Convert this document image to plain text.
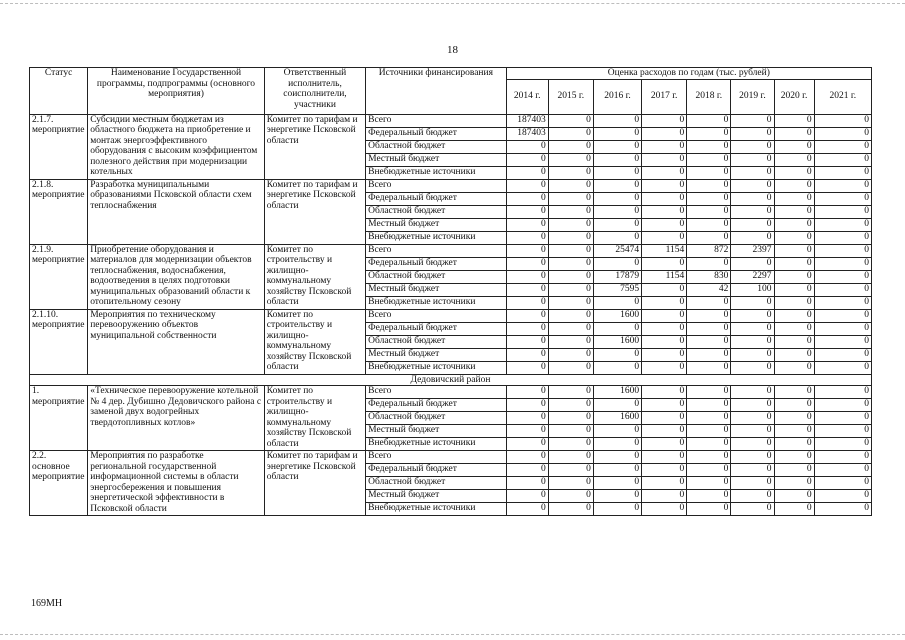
18
Статус	Наименование Государственной программы, подпрограммы (основного мероприятия)	Ответственный исполнитель, соисполнители, участники	Источники финансирования	Оценка расходов по годам (тыс. рублей)							
				2014 г.	2015 г.	2016 г.	2017 г.	2018 г.	2019 г.	2020 г.	2021 г.
2.1.7. мероприятие	Субсидии местным бюджетам из областного бюджета на приобретение и монтаж энергоэффективного оборудования с высоким коэффициентом полезного действия при модернизации котельных	Комитет по тарифам и энергетике Псковской области	Всего	187403	0	0	0	0	0	0	0
			Федеральный бюджет	187403	0	0	0	0	0	0	0
			Областной бюджет	0	0	0	0	0	0	0	0
			Местный бюджет	0	0	0	0	0	0	0	0
			Внебюджетные источники	0	0	0	0	0	0	0	0
2.1.8. мероприятие	Разработка муниципальными образованиями Псковской области схем теплоснабжения	Комитет по тарифам и энергетике Псковской области	Всего	0	0	0	0	0	0	0	0
			Федеральный бюджет	0	0	0	0	0	0	0	0
			Областной бюджет	0	0	0	0	0	0	0	0
			Местный бюджет	0	0	0	0	0	0	0	0
			Внебюджетные источники	0	0	0	0	0	0	0	0
2.1.9. мероприятие	Приобретение оборудования и материалов для модернизации объектов теплоснабжения, водоснабжения, водоотведения в целях подготовки муниципальных образований области к отопительному сезону	Комитет по строительству и жилищно-коммунальному хозяйству Псковской области	Всего	0	0	25474	1154	872	2397	0	0
			Федеральный бюджет	0	0	0	0	0	0	0	0
			Областной бюджет	0	0	17879	1154	830	2297	0	0
			Местный бюджет	0	0	7595	0	42	100	0	0
			Внебюджетные источники	0	0	0	0	0	0	0	0
2.1.10. мероприятие	Мероприятия по техническому перевооружению объектов муниципальной собственности	Комитет по строительству и жилищно-коммунальному хозяйству Псковской области	Всего	0	0	1600	0	0	0	0	0
			Федеральный бюджет	0	0	0	0	0	0	0	0
			Областной бюджет	0	0	1600	0	0	0	0	0
			Местный бюджет	0	0	0	0	0	0	0	0
			Внебюджетные источники	0	0	0	0	0	0	0	0
Дедовичский район											
1. мероприятие	«Техническое перевооружение котельной № 4 дер. Дубишно Дедовичского района с заменой двух водогрейных твердотопливных котлов»	Комитет по строительству и жилищно-коммунальному хозяйству Псковской области	Всего	0	0	1600	0	0	0	0	0
			Федеральный бюджет	0	0	0	0	0	0	0	0
			Областной бюджет	0	0	1600	0	0	0	0	0
			Местный бюджет	0	0	0	0	0	0	0	0
			Внебюджетные источники	0	0	0	0	0	0	0	0
2.2. основное мероприятие	Мероприятия по разработке региональной государственной информационной системы в области энергосбережения и повышения энергетической эффективности в Псковской области	Комитет по тарифам и энергетике Псковской области	Всего	0	0	0	0	0	0	0	0
			Федеральный бюджет	0	0	0	0	0	0	0	0
			Областной бюджет	0	0	0	0	0	0	0	0
			Местный бюджет	0	0	0	0	0	0	0	0
			Внебюджетные источники	0	0	0	0	0	0	0	0
169МН
